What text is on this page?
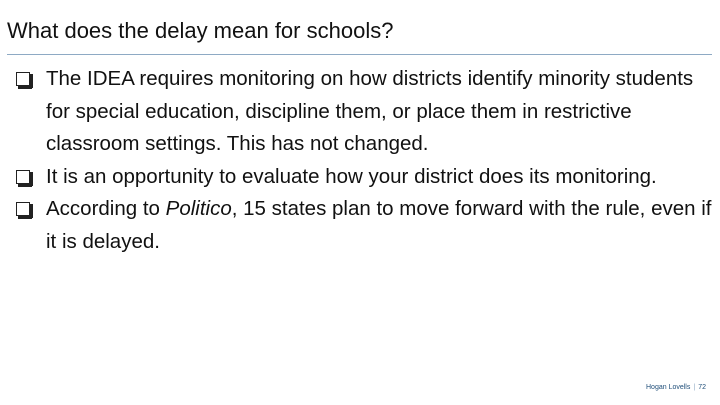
What does the delay mean for schools?
The IDEA requires monitoring on how districts identify minority students for special education, discipline them, or place them in restrictive classroom settings. This has not changed.
It is an opportunity to evaluate how your district does its monitoring.
According to Politico, 15 states plan to move forward with the rule, even if it is delayed.
Hogan Lovells | 72
